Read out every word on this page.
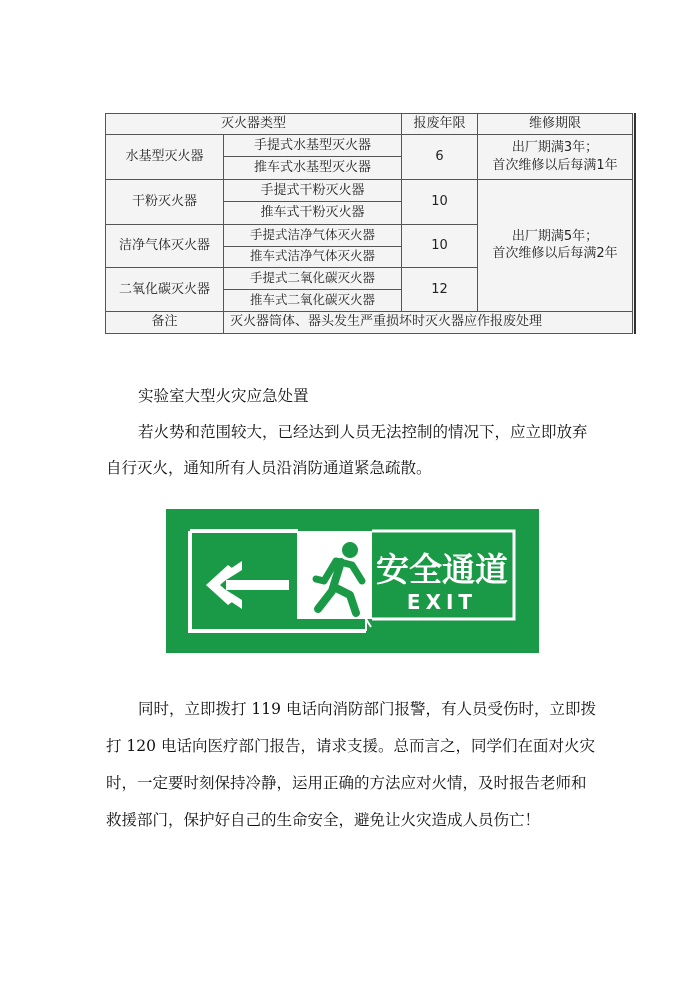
灭火器类型		报废年限	维修期限
水基型灭火器	手提式水基型灭火器	6	出厂期满3年；
首次维修以后每满1年
	推车式水基型灭火器		
干粉灭火器	手提式干粉灭火器	10	出厂期满5年；
首次维修以后每满2年
	推车式干粉灭火器		
洁净气体灭火器	手提式洁净气体灭火器	10	
	推车式洁净气体灭火器		
二氧化碳灭火器	手提式二氧化碳灭火器	12	
	推车式二氧化碳灭火器		
备注	灭火器筒体、器头发生严重损坏时灭火器应作报废处理		

实验室大型火灾应急处置

若火势和范围较大，已经达到人员无法控制的情况下，应立即放弃自行灭火，通知所有人员沿消防通道紧急疏散。

安全通道
EXIT

同时，立即拨打 119 电话向消防部门报警，有人员受伤时，立即拨打 120 电话向医疗部门报告，请求支援。总而言之，同学们在面对火灾时，一定要时刻保持冷静，运用正确的方法应对火情，及时报告老师和救援部门，保护好自己的生命安全，避免让火灾造成人员伤亡！
